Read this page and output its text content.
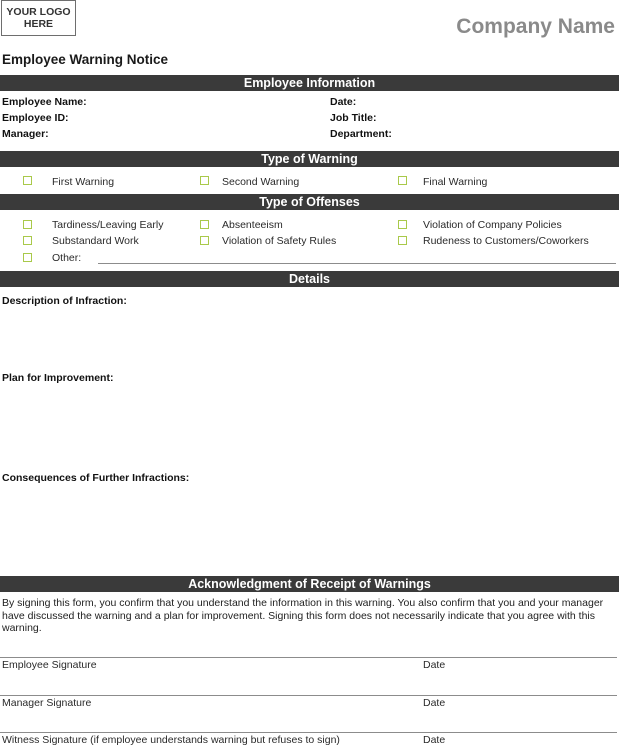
YOUR LOGO
HERE	Company Name
Employee Warning Notice
Employee Information
Employee Name:
Employee ID:
Manager:
Date:
Job Title:
Department:
Type of Warning
First Warning	Second Warning	Final Warning
Type of Offenses
Tardiness/Leaving Early	Absenteeism	Violation of Company Policies
Substandard Work	Violation of Safety Rules	Rudeness to Customers/Coworkers
Other:
Details
Description of Infraction:
Plan for Improvement:
Consequences of Further Infractions:
Acknowledgment of Receipt of Warnings
By signing this form, you confirm that you understand the information in this warning. You also confirm that you and your manager have discussed the warning and a plan for improvement. Signing this form does not necessarily indicate that you agree with this warning.
Employee Signature	Date
Manager Signature	Date
Witness Signature (if employee understands warning but refuses to sign)	Date
